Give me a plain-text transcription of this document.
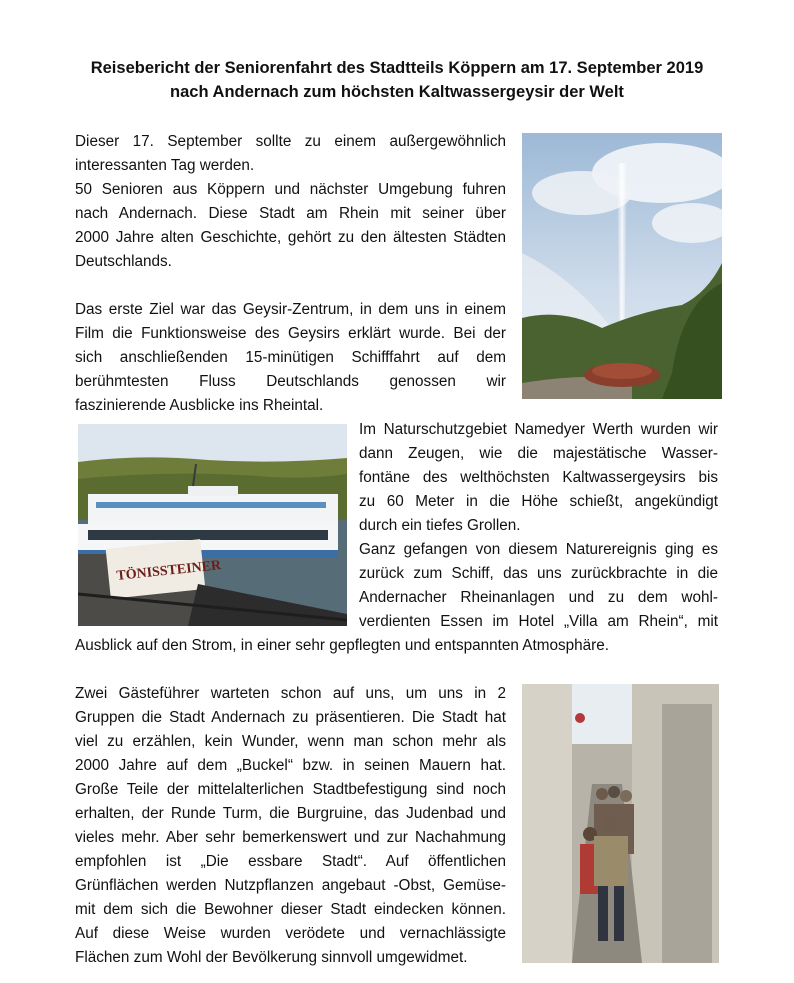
Reisebericht der Seniorenfahrt des Stadtteils Köppern am 17. September 2019
nach Andernach zum höchsten Kaltwassergeysir der Welt
Dieser 17. September sollte zu einem außergewöhnlich
interessanten Tag werden.
50 Senioren aus Köppern und nächster Umgebung fuhren
nach Andernach. Diese Stadt am Rhein mit seiner über
2000 Jahre alten Geschichte, gehört zu den ältesten Städten
Deutschlands.
Das erste Ziel war das Geysir-Zentrum, in dem uns in einem
Film die Funktionsweise des Geysirs erklärt wurde. Bei der
sich anschließenden 15-minütigen Schifffahrt auf dem
berühmtesten Fluss Deutschlands genossen wir
faszinierende Ausblicke ins Rheintal.
Im Naturschutzgebiet Namedyer Werth wurden wir
dann Zeugen, wie die majestätische Wasser-
fontäne des welthöchsten Kaltwassergeysirs bis
zu 60 Meter in die Höhe schießt, angekündigt
durch ein tiefes Grollen.
Ganz gefangen von diesem Naturereignis ging es
zurück zum Schiff, das uns zurückbrachte in die
Andernacher Rheinanlagen und zu dem wohl-
verdienten Essen im Hotel „Villa am Rhein“, mit
Ausblick auf den Strom, in einer sehr gepflegten und entspannten Atmosphäre.
Zwei Gästeführer warteten schon auf uns, um uns in 2
Gruppen die Stadt Andernach zu präsentieren. Die Stadt hat
viel zu erzählen, kein Wunder, wenn man schon mehr als
2000 Jahre auf dem „Buckel“ bzw. in seinen Mauern hat.
Große Teile der mittelalterlichen Stadtbefestigung sind noch
erhalten, der Runde Turm, die Burgruine, das Judenbad und
vieles mehr. Aber sehr bemerkenswert und zur Nachahmung
empfohlen ist „Die essbare Stadt“. Auf öffentlichen
Grünflächen werden Nutzpflanzen angebaut -Obst, Gemüse-
mit dem sich die Bewohner dieser Stadt eindecken können.
Auf diese Weise wurden verödete und vernachlässigte
Flächen zum Wohl der Bevölkerung sinnvoll umgewidmet.
TÖNISSTEINER
